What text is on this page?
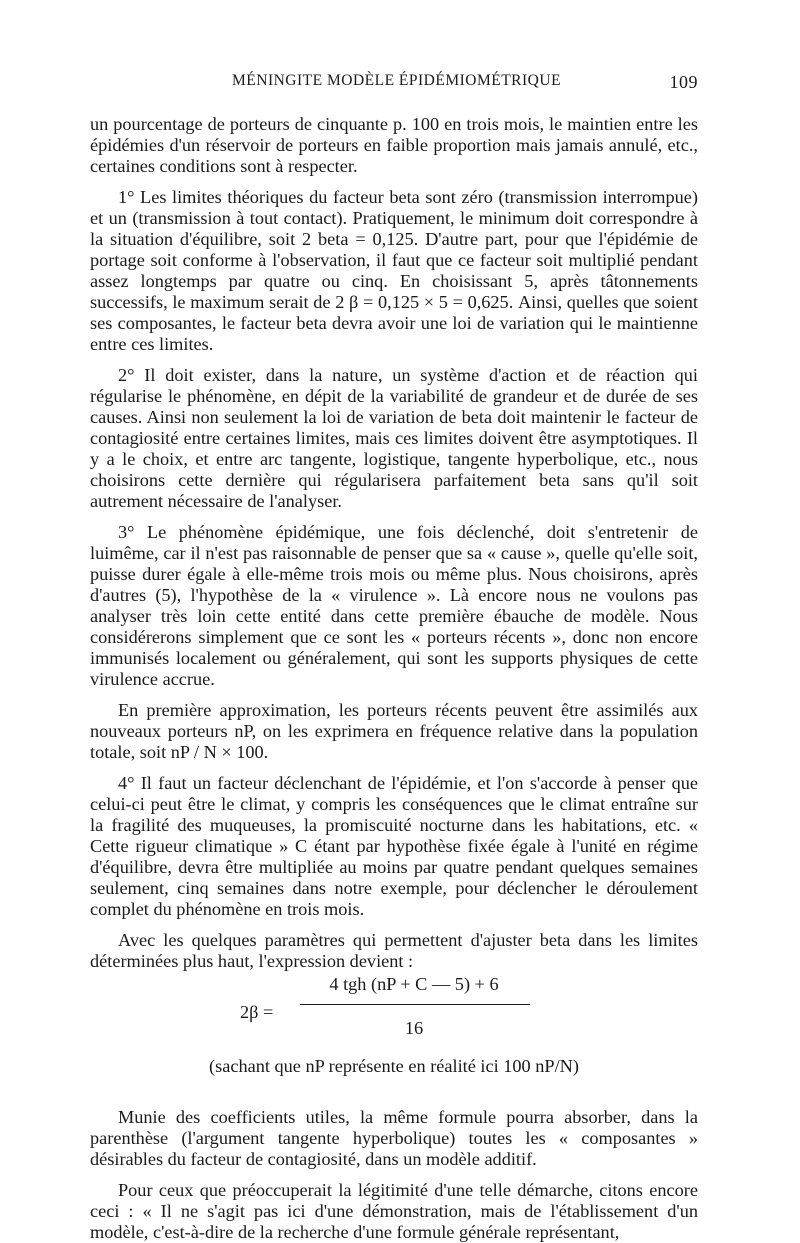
MÉNINGITE MODÈLE ÉPIDÉMIOMÉTRIQUE	109

un pourcentage de porteurs de cinquante p. 100 en trois mois, le maintien entre les épidémies d'un réservoir de porteurs en faible proportion mais jamais annulé, etc., certaines conditions sont à respecter.

1° Les limites théoriques du facteur beta sont zéro (transmission interrompue) et un (transmission à tout contact). Pratiquement, le minimum doit correspondre à la situation d'équilibre, soit 2 beta = 0,125. D'autre part, pour que l'épidémie de portage soit conforme à l'observation, il faut que ce facteur soit multiplié pendant assez longtemps par quatre ou cinq. En choisissant 5, après tâtonnements successifs, le maximum serait de 2 β = 0,125 × 5 = 0,625. Ainsi, quelles que soient ses composantes, le facteur beta devra avoir une loi de variation qui le maintienne entre ces limites.

2° Il doit exister, dans la nature, un système d'action et de réaction qui régularise le phénomène, en dépit de la variabilité de grandeur et de durée de ses causes. Ainsi non seulement la loi de variation de beta doit maintenir le facteur de contagiosité entre certaines limites, mais ces limites doivent être asymptotiques. Il y a le choix, et entre arc tangente, logistique, tangente hyperbolique, etc., nous choisirons cette dernière qui régularisera parfaitement beta sans qu'il soit autrement nécessaire de l'analyser.

3° Le phénomène épidémique, une fois déclenché, doit s'entretenir de luimême, car il n'est pas raisonnable de penser que sa « cause », quelle qu'elle soit, puisse durer égale à elle-même trois mois ou même plus. Nous choisirons, après d'autres (5), l'hypothèse de la « virulence ». Là encore nous ne voulons pas analyser très loin cette entité dans cette première ébauche de modèle. Nous considérerons simplement que ce sont les « porteurs récents », donc non encore immunisés localement ou généralement, qui sont les supports physiques de cette virulence accrue.

En première approximation, les porteurs récents peuvent être assimilés aux nouveaux porteurs nP, on les exprimera en fréquence relative dans la population totale, soit nP / N × 100.

4° Il faut un facteur déclenchant de l'épidémie, et l'on s'accorde à penser que celui-ci peut être le climat, y compris les conséquences que le climat entraîne sur la fragilité des muqueuses, la promiscuité nocturne dans les habitations, etc. « Cette rigueur climatique » C étant par hypothèse fixée égale à l'unité en régime d'équilibre, devra être multipliée au moins par quatre pendant quelques semaines seulement, cinq semaines dans notre exemple, pour déclencher le déroulement complet du phénomène en trois mois.

Avec les quelques paramètres qui permettent d'ajuster beta dans les limites déterminées plus haut, l'expression devient :

2β =
4 tgh (nP + C — 5) + 6
16

(sachant que nP représente en réalité ici 100 nP/N)

Munie des coefficients utiles, la même formule pourra absorber, dans la parenthèse (l'argument tangente hyperbolique) toutes les « composantes » désirables du facteur de contagiosité, dans un modèle additif.

Pour ceux que préoccuperait la légitimité d'une telle démarche, citons encore ceci : « Il ne s'agit pas ici d'une démonstration, mais de l'établissement d'un modèle, c'est-à-dire de la recherche d'une formule générale représentant,
